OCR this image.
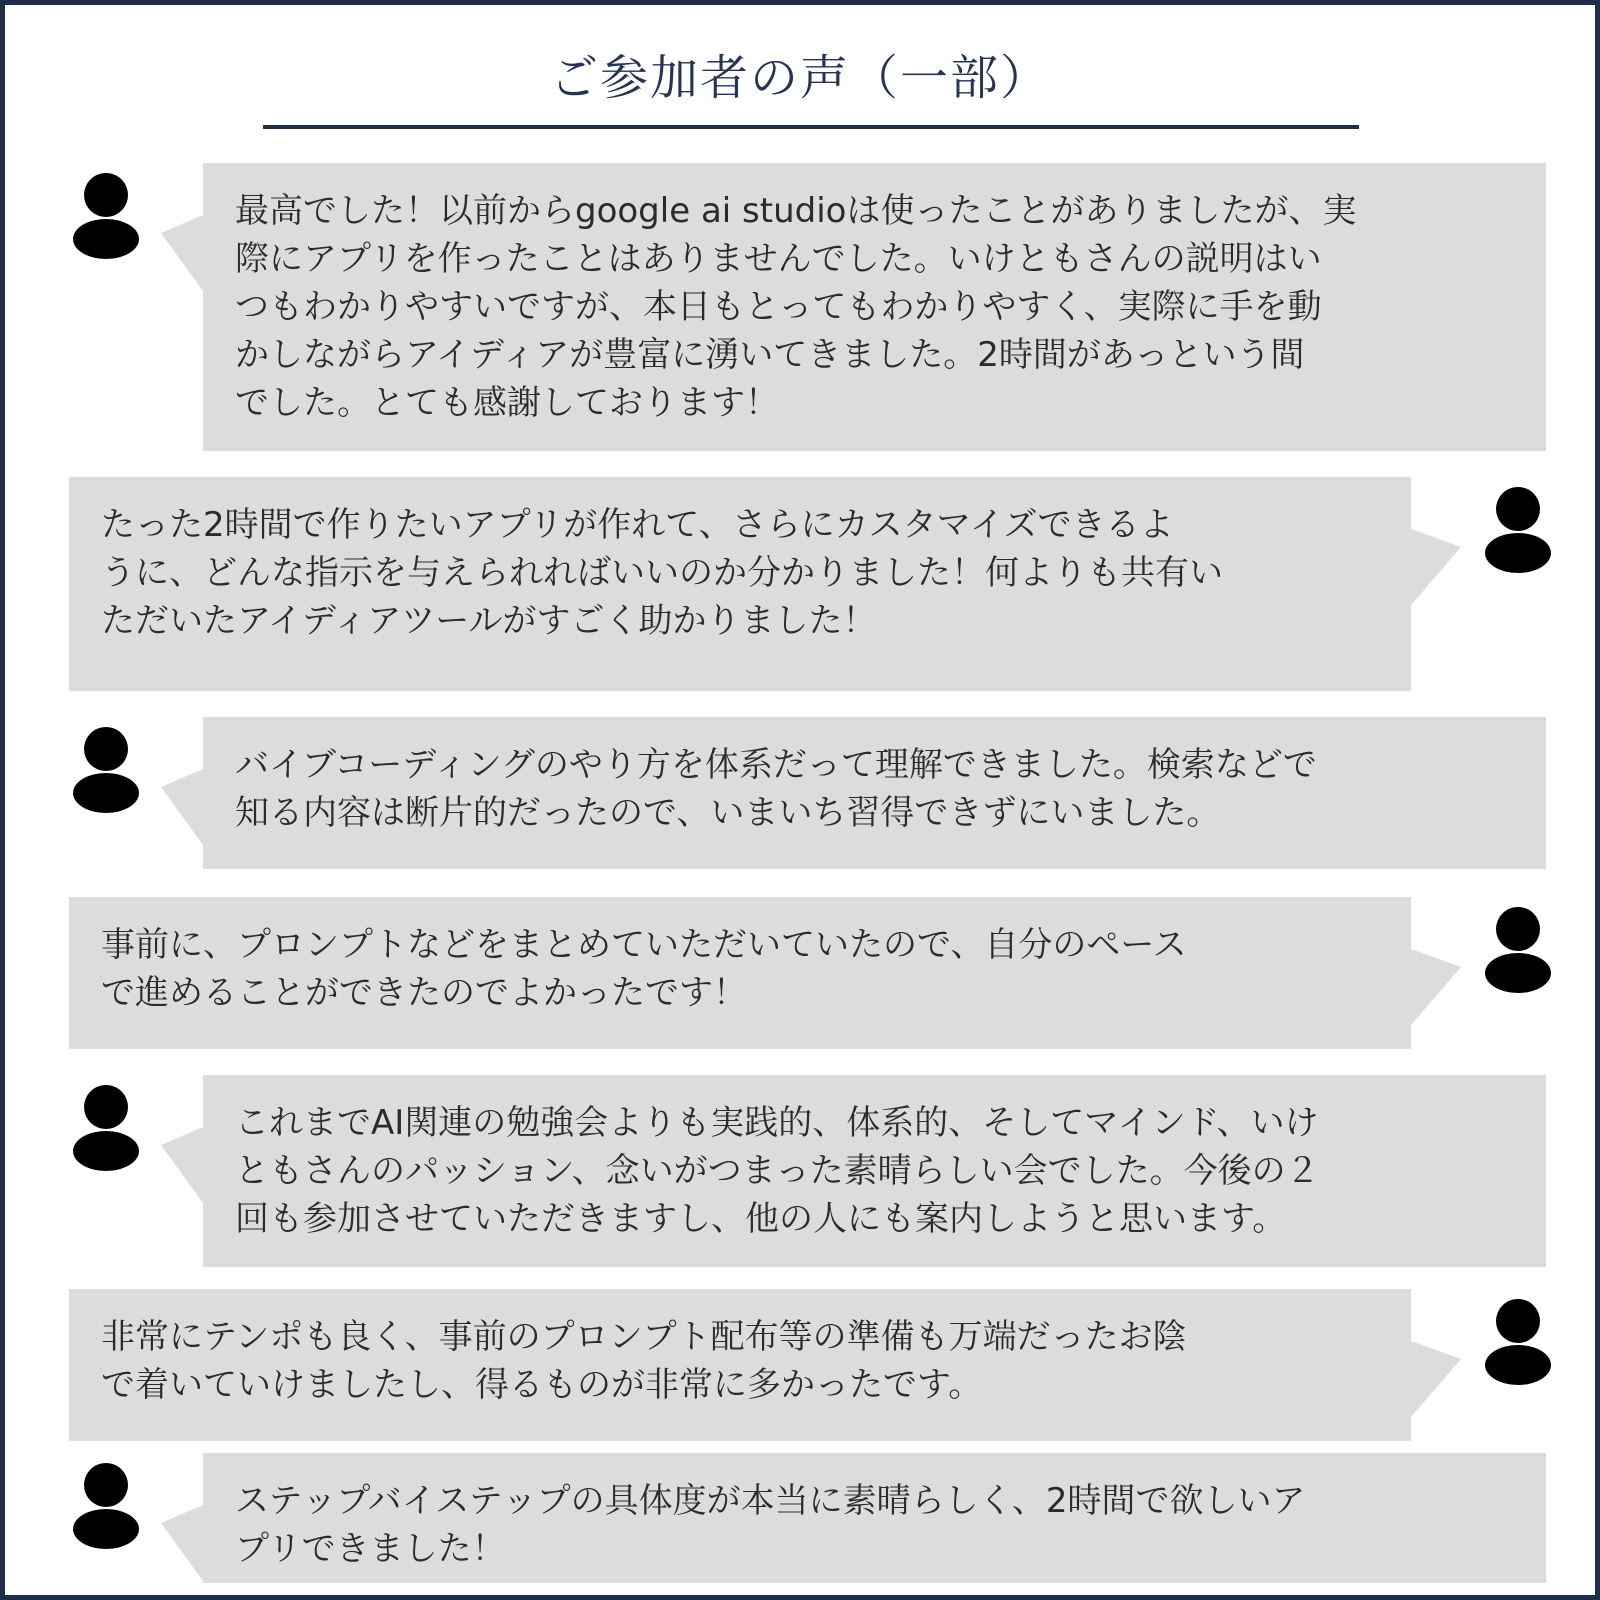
ご参加者の声（一部）
最高でした！以前からgoogle ai studioは使ったことがありましたが、実
際にアプリを作ったことはありませんでした。いけともさんの説明はい
つもわかりやすいですが、本日もとってもわかりやすく、実際に手を動
かしながらアイディアが豊富に湧いてきました。2時間があっという間
でした。とても感謝しております！
たった2時間で作りたいアプリが作れて、さらにカスタマイズできるよ
うに、どんな指示を与えられればいいのか分かりました！何よりも共有い
ただいたアイディアツールがすごく助かりました！
バイブコーディングのやり方を体系だって理解できました。検索などで
知る内容は断片的だったので、いまいち習得できずにいました。
事前に、プロンプトなどをまとめていただいていたので、自分のペース
で進めることができたのでよかったです！
これまでAI関連の勉強会よりも実践的、体系的、そしてマインド、いけ
ともさんのパッション、念いがつまった素晴らしい会でした。今後の２
回も参加させていただきますし、他の人にも案内しようと思います。
非常にテンポも良く、事前のプロンプト配布等の準備も万端だったお陰
で着いていけましたし、得るものが非常に多かったです。
ステップバイステップの具体度が本当に素晴らしく、2時間で欲しいア
プリできました！
